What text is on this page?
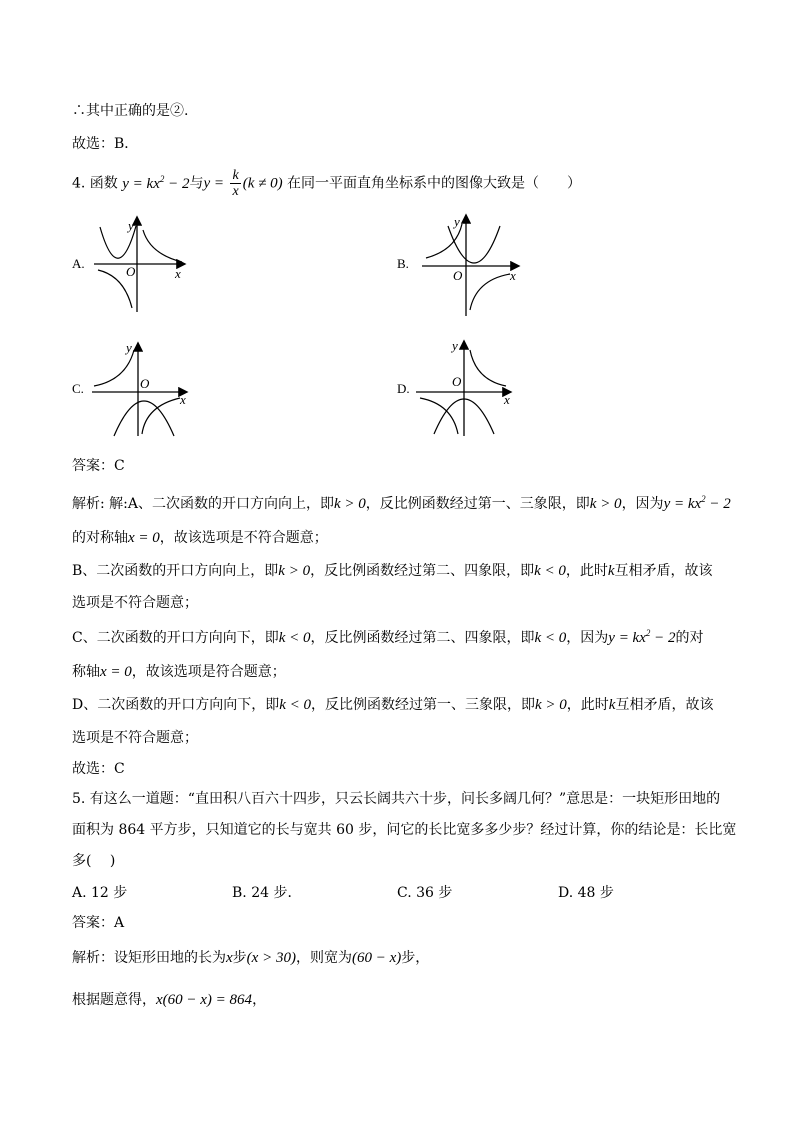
∴其中正确的是②.
故选：B．
4. 函数 $y = kx^2 - 2$与$y = \frac{k}{x} (k \ne 0)$ 在同一平面直角坐标系中的图像大致是（　　）
A.
y
x
O
B.
y
x
O
C.
y
x
O	D.
y
x
O
答案：C
解析: 解:A、二次函数的开口方向向上，即k > 0，反比例函数经过第一、三象限，即k > 0，因为$y = kx^2 - 2$
的对称轴x = 0，故该选项是不符合题意；
B、二次函数的开口方向向上，即k > 0，反比例函数经过第二、四象限，即k < 0，此时k互相矛盾，故该
选项是不符合题意；
C、二次函数的开口方向向下，即k < 0，反比例函数经过第二、四象限，即k < 0，因为$y = kx^2 - 2$的对
称轴x = 0，故该选项是符合题意；
D、二次函数的开口方向向下，即k < 0，反比例函数经过第一、三象限，即k > 0，此时k互相矛盾，故该
选项是不符合题意；
故选：C
5. 有这么一道题：“直田积八百六十四步，只云长阔共六十步，问长多阔几何？”意思是：一块矩形田地的
面积为 864 平方步，只知道它的长与宽共 60 步，问它的长比宽多多少步？经过计算，你的结论是：长比宽
多(　 )
A. 12 步	B. 24 步．	C. 36 步	D. 48 步
答案：A
解析：设矩形田地的长为x步(x > 30)，则宽为(60 − x)步，
根据题意得，x(60 − x) = 864，
